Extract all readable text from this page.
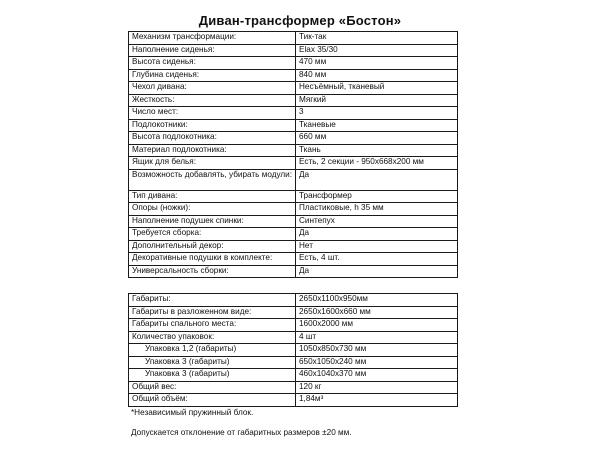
Диван-трансформер «Бостон»
Механизм трансформации:	Тик-так
Наполнение сиденья:	Elax 35/30
Высота сиденья:	470 мм
Глубина сиденья:	840 мм
Чехол дивана:	Несъёмный, тканевый
Жесткость:	Мягкий
Число мест:	3
Подлокотники:	Тканевые
Высота подлокотника:	660 мм
Материал подлокотника:	Ткань
Ящик для белья:	Есть, 2 секции - 950х668х200 мм
Возможность добавлять, убирать модули:	Да
Тип дивана:	Трансформер
Опоры (ножки):	Пластиковые, h 35 мм
Наполнение подушек спинки:	Синтепух
Требуется сборка:	Да
Дополнительный декор:	Нет
Декоративные подушки в комплекте:	Есть, 4 шт.
Универсальность сборки:	Да
Габариты:	2650х1100х950мм
Габариты в разложенном виде:	2650х1600х660 мм
Габариты спального места:	1600х2000 мм
Количество упаковок:	4 шт
Упаковка 1,2 (габариты)	1050х850х730 мм
Упаковка 3 (габариты)	650х1050х240 мм
Упаковка 3 (габариты)	460х1040х370 мм
Общий вес:	120 кг
Общий объём:	1,84м³
*Независимый пружинный блок.
Допускается отклонение от габаритных размеров ±20 мм.
